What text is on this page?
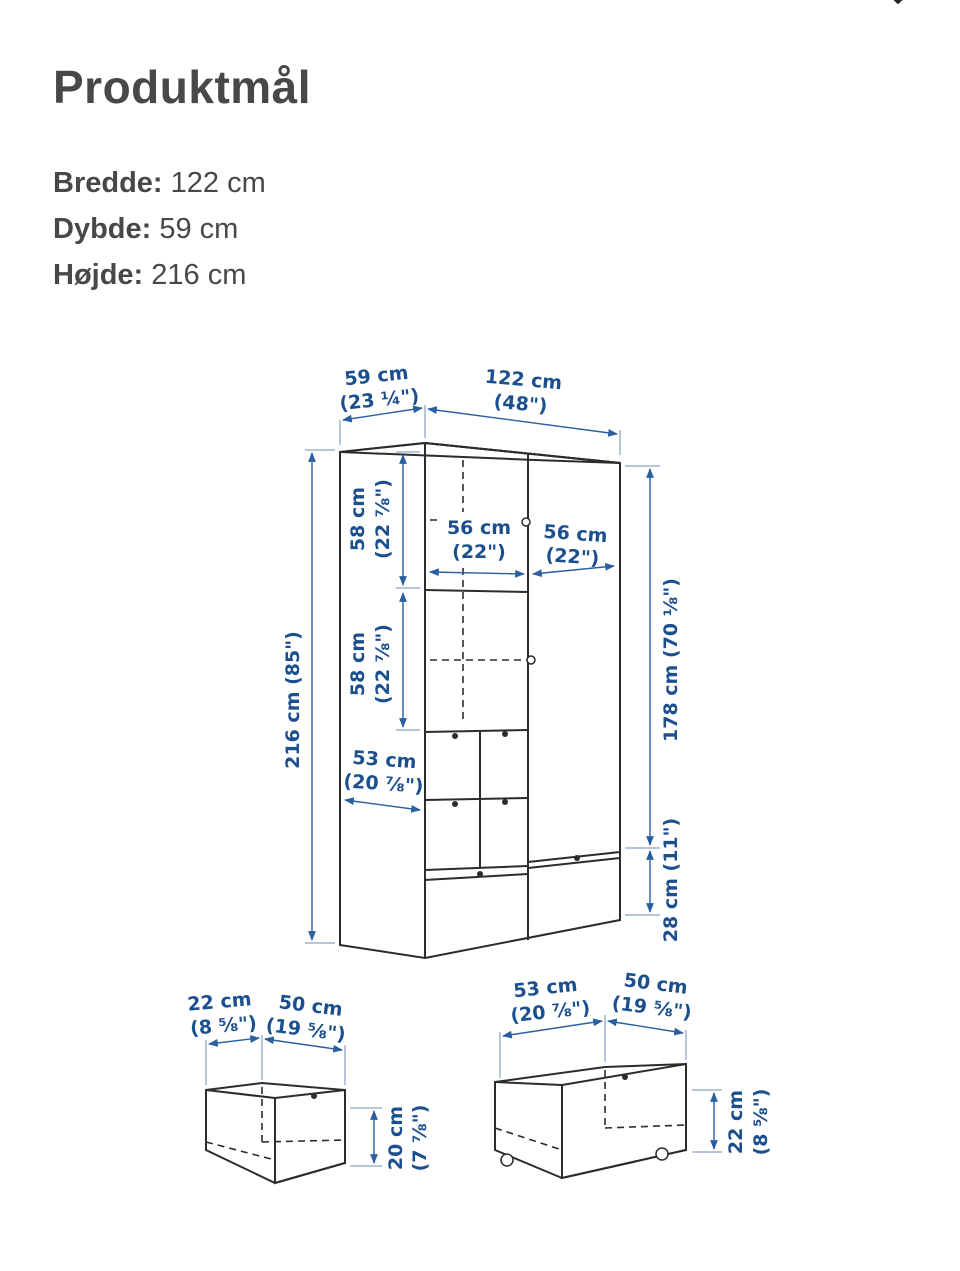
Produktmål
Bredde: 122 cm
Dybde: 59 cm
Højde: 216 cm
59 cm
(23 ¼")
122 cm
(48")
216 cm (85")
58 cm (22 ⅞")
58 cm (22 ⅞")
56 cm
(22")
56 cm
(22")
53 cm
(20 ⅞")
178 cm (70 ⅛")
28 cm (11")
22 cm
(8 ⅝")
50 cm
(19 ⅝")
20 cm (7 ⅞")
53 cm
(20 ⅞")
50 cm
(19 ⅝")
22 cm (8 ⅝")
